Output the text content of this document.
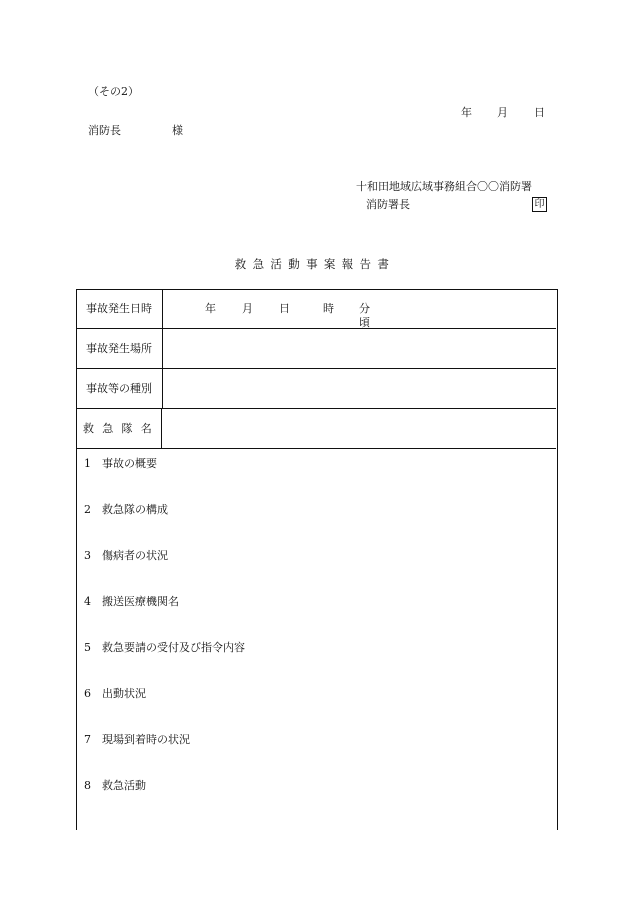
（その2）
年 月 日
消防長	様
十和田地域広域事務組合〇〇消防署
消防署長	印
救急活動事案報告書
事故発生日時	年 月 日	時 分頃
事故発生場所
事故等の種別
救急隊名
1 事故の概要
2 救急隊の構成
3 傷病者の状況
4 搬送医療機関名
5 救急要請の受付及び指令内容
6 出動状況
7 現場到着時の状況
8 救急活動
